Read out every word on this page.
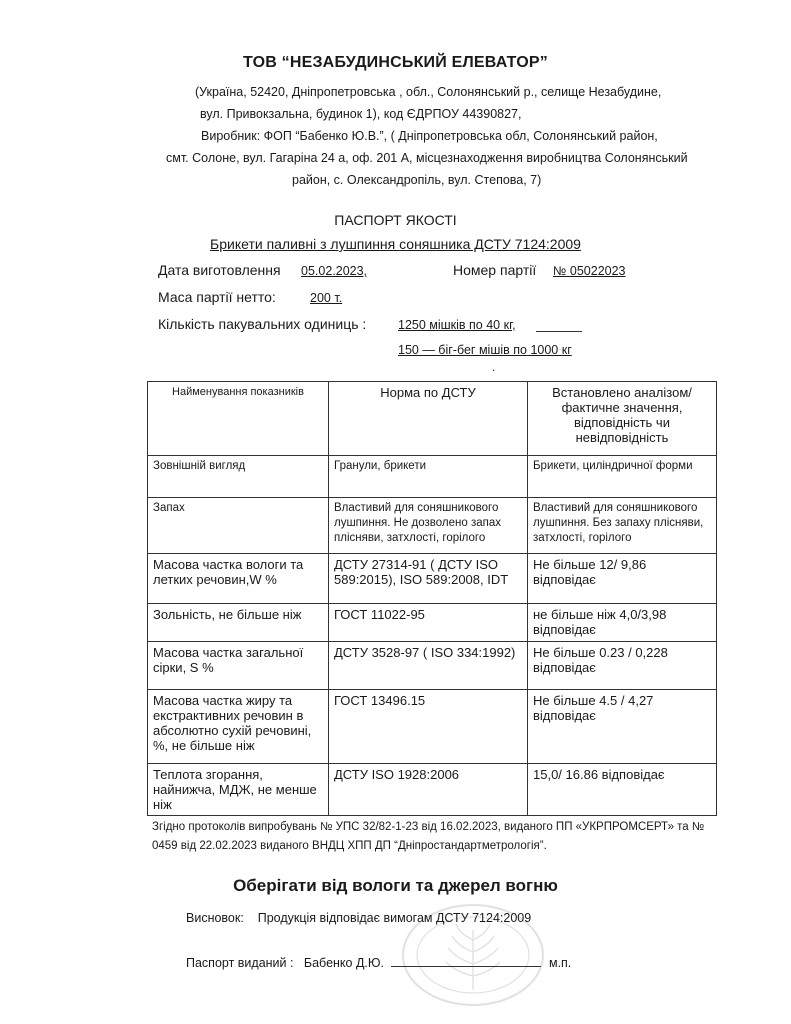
ТОВ “НЕЗАБУДИНСЬКИЙ ЕЛЕВАТОР”
(Україна, 52420, Дніпропетровська , обл., Солонянський р., селище Незабудине,
вул. Привокзальна, будинок 1), код ЄДРПОУ 44390827,
Виробник: ФОП “Бабенко Ю.В.”, ( Дніпропетровська обл, Солонянський район,
смт. Солоне, вул. Гагаріна 24 а, оф. 201 А, місцезнаходження виробництва Солонянський
район, с. Олександропіль, вул. Степова, 7)
ПАСПОРТ ЯКОСТІ
Брикети паливні з лушпиння соняшника ДСТУ 7124:2009
Дата виготовлення 05.02.2023,	Номер партії № 05022023
Маса партії нетто:	200 т.
Кількість пакувальних одиниць :	1250 мішків по 40 кг,
150 — біг-бег мішів по 1000 кг
.
Найменування показників	Норма по ДСТУ	Встановлено аналізом/ фактичне значення, відповідність чи невідповідність
Зовнішній вигляд	Гранули, брикети	Брикети, циліндричної форми
Запах	Властивий для соняшникового лушпиння. Не дозволено запах плісняви, затхлості, горілого	Властивий для соняшникового лушпиння. Без запаху плісняви, затхлості, горілого
Масова частка вологи та летких речовин,W %	ДСТУ 27314-91 ( ДСТУ ISO 589:2015), ISO 589:2008, IDT	Не більше 12/ 9,86 відповідає
Зольність, не більше ніж	ГОСТ 11022-95	не більше ніж 4,0/3,98 відповідає
Масова частка загальної сірки, S %	ДСТУ 3528-97 ( ISO 334:1992)	Не більше 0.23 / 0,228 відповідає
Масова частка жиру та екстрактивних речовин в абсолютно сухій речовині, %, не більше ніж	ГОСТ 13496.15	Не більше 4.5 / 4,27 відповідає
Теплота згорання, найнижча, МДЖ, не менше ніж	ДСТУ ISO 1928:2006	15,0/ 16.86 відповідає
Згідно протоколів випробувань № УПС 32/82-1-23 від 16.02.2023, виданого ПП «УКРПРОМСЕРТ» та № 0459 від 22.02.2023 виданого ВНДЦ ХПП ДП “Дніпростандартметрологія”.
Оберігати від вологи та джерел вогню
Висновок: Продукція відповідає вимогам ДСТУ 7124:2009
Паспорт виданий : Бабенко Д.Ю.	м.п.
